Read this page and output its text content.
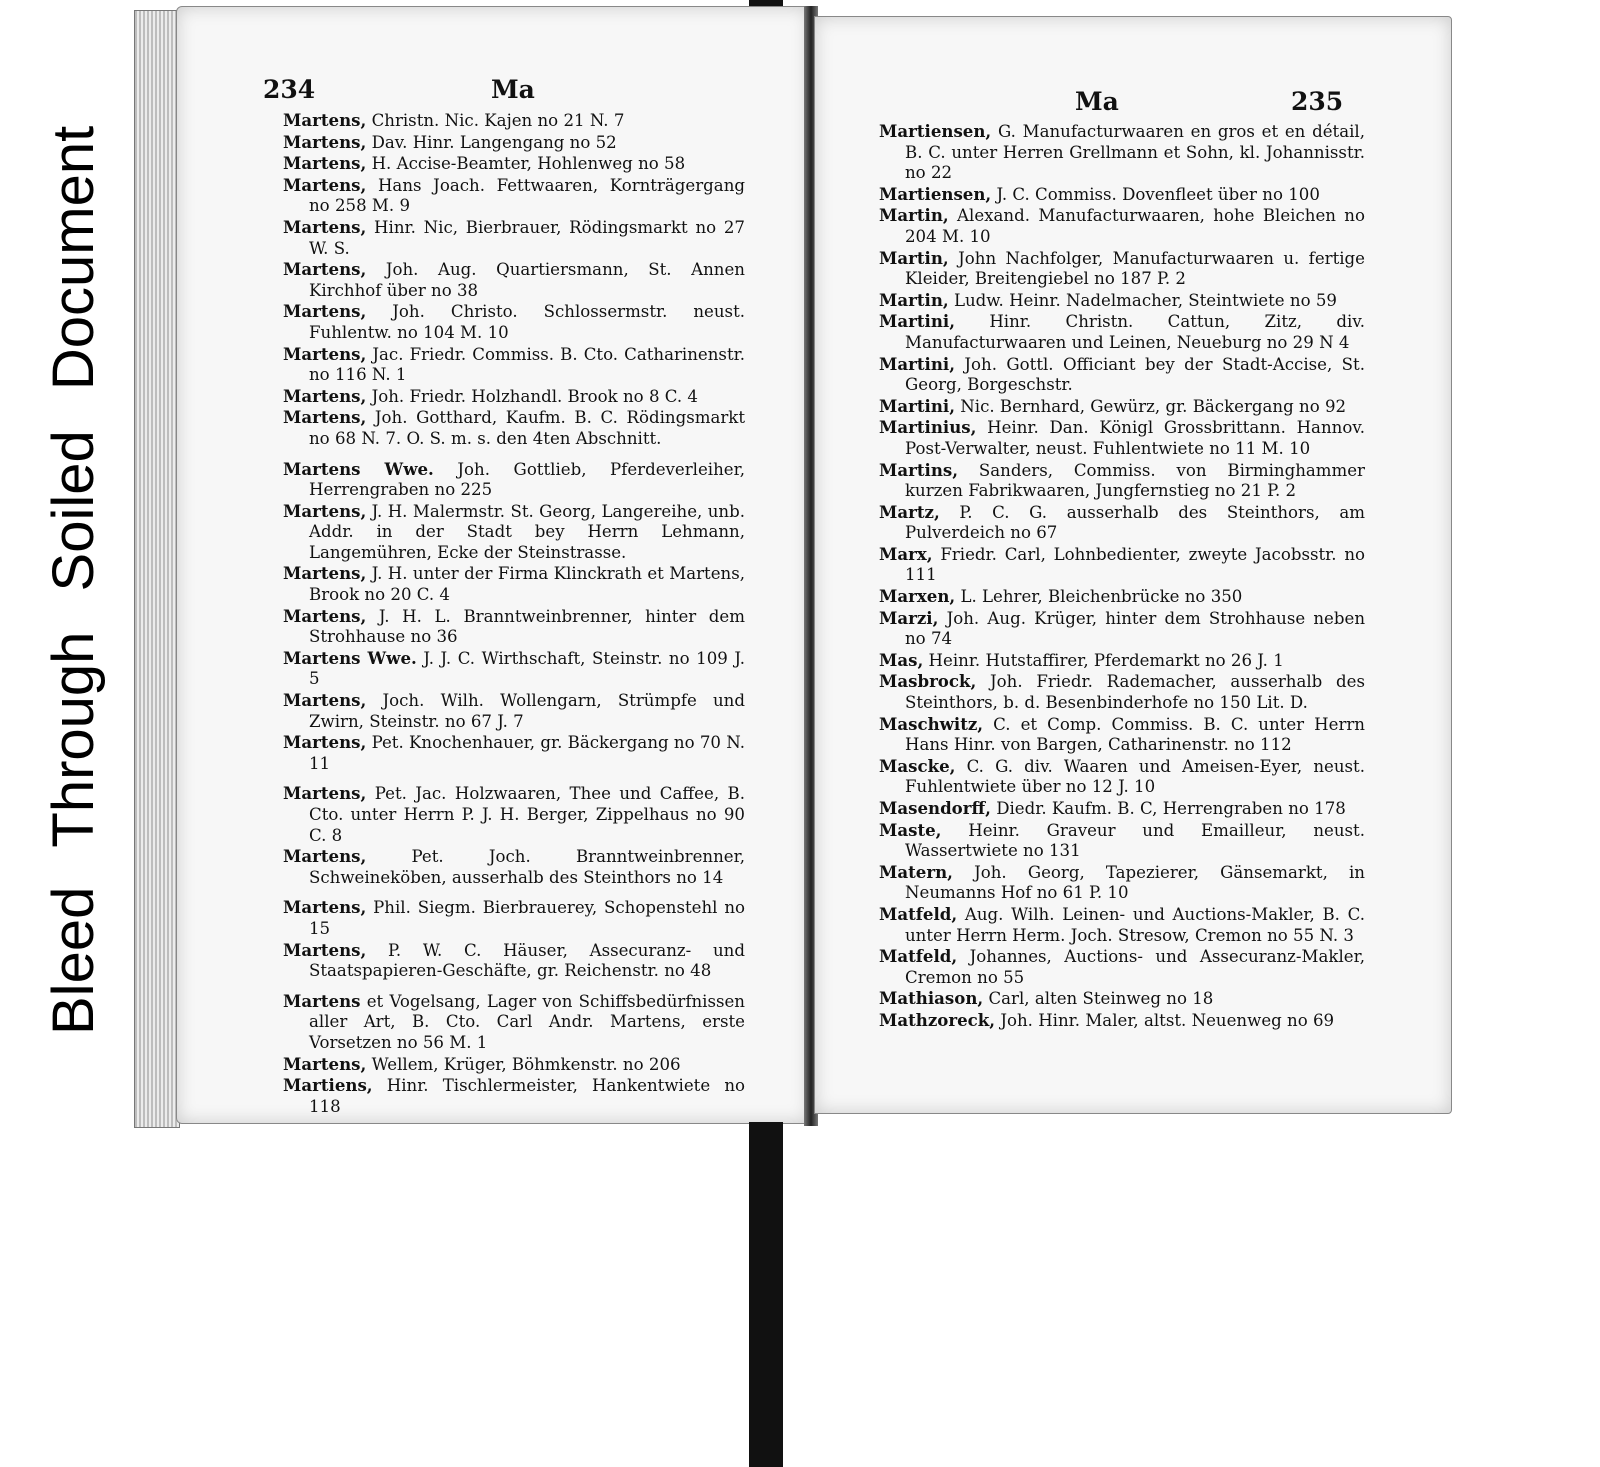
Bleed Through Soiled Document
234	Ma

Martens, Christn. Nic. Kajen no 21 N. 7

Martens, Dav. Hinr. Langengang no 52

Martens, H. Accise-Beamter, Hohlenweg no 58

Martens, Hans Joach. Fettwaaren, Kornträgergang no 258 M. 9

Martens, Hinr. Nic, Bierbrauer, Rödingsmarkt no 27 W. S.

Martens, Joh. Aug. Quartiersmann, St. Annen Kirchhof über no 38

Martens, Joh. Christo. Schlossermstr. neust. Fuhlentw. no 104 M. 10

Martens, Jac. Friedr. Commiss. B. Cto. Catharinenstr. no 116 N. 1

Martens, Joh. Friedr. Holzhandl. Brook no 8 C. 4

Martens, Joh. Gotthard, Kaufm. B. C. Rödingsmarkt no 68 N. 7. O. S. m. s. den 4ten Abschnitt.

Martens Wwe. Joh. Gottlieb, Pferdeverleiher, Herrengraben no 225

Martens, J. H. Malermstr. St. Georg, Langereihe, unb. Addr. in der Stadt bey Herrn Lehmann, Langemühren, Ecke der Steinstrasse.

Martens, J. H. unter der Firma Klinckrath et Martens, Brook no 20 C. 4

Martens, J. H. L. Branntweinbrenner, hinter dem Strohhause no 36

Martens Wwe. J. J. C. Wirthschaft, Steinstr. no 109 J. 5

Martens, Joch. Wilh. Wollengarn, Strümpfe und Zwirn, Steinstr. no 67 J. 7

Martens, Pet. Knochenhauer, gr. Bäckergang no 70 N. 11

Martens, Pet. Jac. Holzwaaren, Thee und Caffee, B. Cto. unter Herrn P. J. H. Berger, Zippelhaus no 90 C. 8

Martens,	Pet. Joch. Branntweinbrenner, Schweineköben, ausserhalb des Steinthors no 14

Martens, Phil. Siegm. Bierbrauerey, Schopenstehl no 15

Martens, P. W. C. Häuser, Assecuranz- und Staatspapieren-Geschäfte, gr. Reichenstr. no 48

Martens et Vogelsang, Lager von Schiffsbedürfnissen aller Art, B. Cto. Carl Andr. Martens, erste Vorsetzen no 56 M. 1

Martens, Wellem, Krüger, Böhmkenstr. no 206

Martiens, Hinr. Tischlermeister, Hankentwiete no 118

Ma	235

Martiensen, G. Manufacturwaaren en gros et en détail, B. C. unter Herren Grellmann et Sohn, kl. Johannisstr. no 22

Martiensen, J. C. Commiss. Dovenfleet über no 100

Martin, Alexand. Manufacturwaaren, hohe Bleichen no 204 M. 10

Martin, John Nachfolger, Manufacturwaaren u. fertige Kleider, Breitengiebel no 187 P. 2

Martin, Ludw. Heinr. Nadelmacher, Steintwiete no 59

Martini, Hinr. Christn. Cattun, Zitz, div. Manufacturwaaren und Leinen, Neueburg no 29 N 4

Martini, Joh. Gottl. Officiant bey der Stadt-Accise, St. Georg, Borgeschstr.

Martini, Nic. Bernhard, Gewürz, gr. Bäckergang no 92

Martinius, Heinr. Dan. Königl Grossbrittann. Hannov. Post-Verwalter, neust. Fuhlentwiete no 11 M. 10

Martins, Sanders, Commiss. von Birminghammer kurzen Fabrikwaaren, Jungfernstieg no 21 P. 2

Martz, P. C. G. ausserhalb des Steinthors, am Pulverdeich no 67

Marx, Friedr. Carl, Lohnbedienter, zweyte Jacobsstr. no 111

Marxen, L. Lehrer, Bleichenbrücke no 350

Marzi, Joh. Aug. Krüger, hinter dem Strohhause neben no 74

Mas, Heinr. Hutstaffirer, Pferdemarkt no 26 J. 1

Masbrock, Joh. Friedr. Rademacher, ausserhalb des Steinthors, b. d. Besenbinderhofe no 150 Lit. D.

Maschwitz, C. et Comp. Commiss. B. C. unter Herrn Hans Hinr. von Bargen, Catharinenstr. no 112

Mascke, C. G. div. Waaren und Ameisen-Eyer, neust. Fuhlentwiete über no 12 J. 10

Masendorff, Diedr. Kaufm. B. C, Herrengraben no 178

Maste, Heinr. Graveur und Emailleur, neust. Wassertwiete no 131

Matern, Joh. Georg, Tapezierer, Gänsemarkt, in Neumanns Hof no 61 P. 10

Matfeld, Aug. Wilh. Leinen- und Auctions-Makler, B. C. unter Herrn Herm. Joch. Stresow, Cremon no 55 N. 3

Matfeld, Johannes, Auctions- und Assecuranz-Makler, Cremon no 55

Mathiason, Carl, alten Steinweg no 18

Mathzoreck, Joh. Hinr. Maler, altst. Neuenweg no 69
